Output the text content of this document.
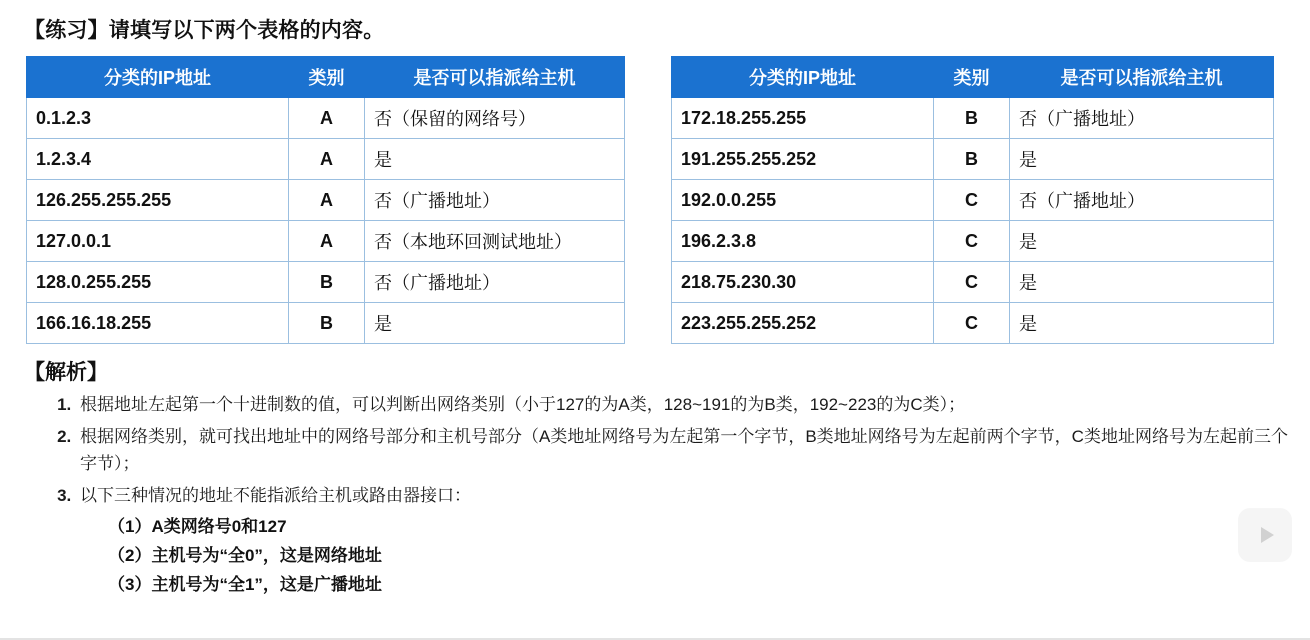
【练习】请填写以下两个表格的内容。
分类的IP地址	类别	是否可以指派给主机
0.1.2.3	A	否（保留的网络号）
1.2.3.4	A	是
126.255.255.255	A	否（广播地址）
127.0.0.1	A	否（本地环回测试地址）
128.0.255.255	B	否（广播地址）
166.16.18.255	B	是
分类的IP地址	类别	是否可以指派给主机
172.18.255.255	B	否（广播地址）
191.255.255.252	B	是
192.0.0.255	C	否（广播地址）
196.2.3.8	C	是
218.75.230.30	C	是
223.255.255.252	C	是
【解析】
1. 根据地址左起第一个十进制数的值，可以判断出网络类别（小于127的为A类，128~191的为B类，192~223的为C类）；
2. 根据网络类别，就可找出地址中的网络号部分和主机号部分（A类地址网络号为左起第一个字节，B类地址网络号为左起前两个字节，C类地址网络号为左起前三个字节）；
3. 以下三种情况的地址不能指派给主机或路由器接口：
（1）A类网络号0和127
（2）主机号为“全0”，这是网络地址
（3）主机号为“全1”，这是广播地址
